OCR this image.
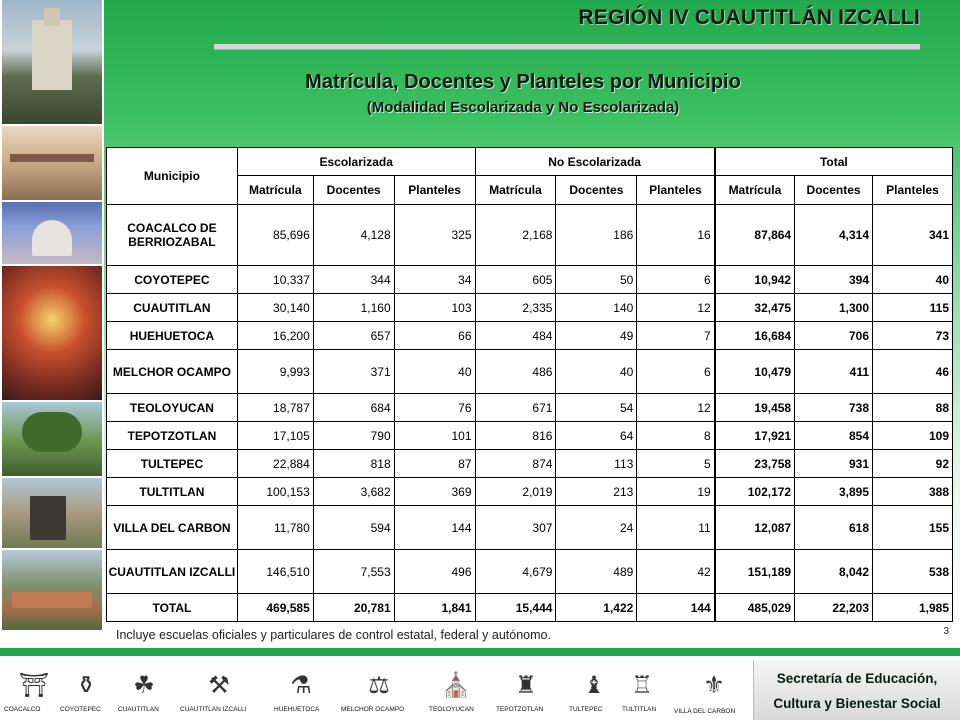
REGIÓN IV CUAUTITLÁN IZCALLI
Matrícula, Docentes y Planteles por Municipio
(Modalidad Escolarizada y No Escolarizada)
Municipio	Escolarizada			No Escolarizada			Total		
	Matrícula	Docentes	Planteles	Matrícula	Docentes	Planteles	Matrícula	Docentes	Planteles
COACALCO DE BERRIOZABAL	85,696	4,128	325	2,168	186	16	87,864	4,314	341
COYOTEPEC	10,337	344	34	605	50	6	10,942	394	40
CUAUTITLAN	30,140	1,160	103	2,335	140	12	32,475	1,300	115
HUEHUETOCA	16,200	657	66	484	49	7	16,684	706	73
MELCHOR OCAMPO	9,993	371	40	486	40	6	10,479	411	46
TEOLOYUCAN	18,787	684	76	671	54	12	19,458	738	88
TEPOTZOTLAN	17,105	790	101	816	64	8	17,921	854	109
TULTEPEC	22,884	818	87	874	113	5	23,758	931	92
TULTITLAN	100,153	3,682	369	2,019	213	19	102,172	3,895	388
VILLA DEL CARBON	11,780	594	144	307	24	11	12,087	618	155
CUAUTITLAN IZCALLI	146,510	7,553	496	4,679	489	42	151,189	8,042	538
TOTAL	469,585	20,781	1,841	15,444	1,422	144	485,029	22,203	1,985
Incluye escuelas oficiales y particulares de control estatal, federal y autónomo.	3
⛩
COACALCO
⚱
COYOTEPEC
☘
CUAUTITLAN
⚒
CUAUTITLAN IZCALLI
⚗
HUEHUETOCA
⚖
MELCHOR OCAMPO
⛪
TEOLOYUCAN
♜
TEPOTZOTLAN
♝
TULTEPEC
♖
TULTITLAN
⚜
VILLA DEL CARBON
Secretaría de Educación,
Cultura y Bienestar Social
